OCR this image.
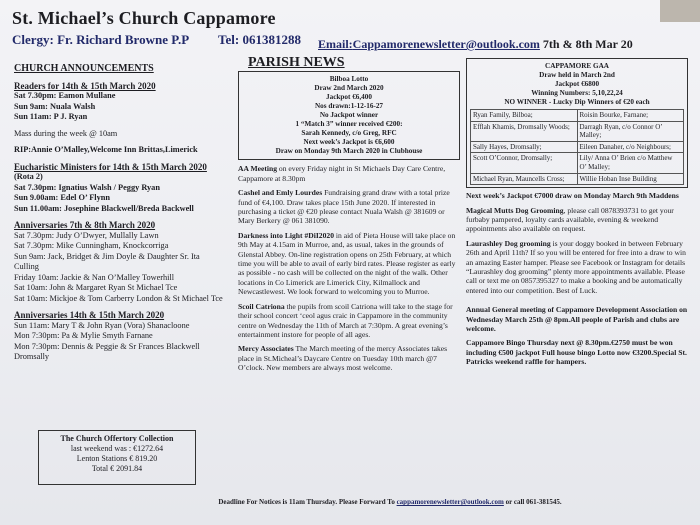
St. Michael’s Church Cappamore
Clergy: Fr. Richard Browne P.P Tel: 061381288 Email:Cappamorenewsletter@outlook.com 7th & 8th Mar 20

CHURCH ANNOUNCEMENTS

Readers for 14th & 15th March 2020

Sat 7.30pm: Eamon Mullane

Sun 9am: Nuala Walsh

Sun 11am: P J. Ryan

Mass during the week @ 10am

RIP:Annie O’Malley,Welcome Inn Brittas,Limerick

Eucharistic Ministers for 14th & 15th March 2020

(Rota 2)

Sat 7.30pm: Ignatius Walsh / Peggy Ryan

Sun 9.00am: Edel O’ Flynn

Sun 11.00am: Josephine Blackwell/Breda Backwell

Anniversaries 7th & 8th March 2020

Sat 7.30pm: Judy O’Dwyer, Mullally Lawn

Sat 7.30pm: Mike Cunningham, Knockcorriga

Sun 9am: Jack, Bridget & Jim Doyle & Daughter Sr. Ita Culling

Friday 10am: Jackie & Nan O’Malley Towerhill

Sat 10am: John & Margaret Ryan St Michael Tce

Sat 10am: Mickjoe & Tom Carberry London & St Michael Tce

Anniversaries 14th & 15th March 2020

Sun 11am: Mary T & John Ryan (Vora) Shanacloone

Mon 7:30pm: Pa & Mylie Smyth Farnane

Mon 7:30pm: Dennis & Peggie & Sr Frances Blackwell Dromsally

The Church Offertory Collection
last weekend was : €1272.64
Lenton Stations € 819.20
Total € 2091.84
PARISH NEWS
Bilboa Lotto
Draw 2nd March 2020
Jackpot €6,400
Nos drawn:1-12-16-27
No Jackpot winner
1 “Match 3” winner received €200:
Sarah Kennedy, c/o Greg, RFC
Next week’s Jackpot is €6,600
Draw on Monday 9th March 2020 in Clubhouse

AA Meeting on every Friday night in St Michaels Day Care Centre, Cappamore at 8.30pm

Cashel and Emly Lourdes Fundraising grand draw with a total prize fund of €4,100. Draw takes place 15th June 2020. If interested in purchasing a ticket @ €20 please contact Nuala Walsh @ 381609 or Mary Berkery @ 061 381090.

Darkness into Light #DiI2020 in aid of Pieta House will take place on 9th May at 4.15am in Murroe, and, as usual, takes in the grounds of Glenstal Abbey. On-line registration opens on 25th February, at which time you will be able to avail of early bird rates. Please register as early as possible - no cash will be collected on the night of the walk. Other locations in Co Limerick are Limerick City, Kilmallock and Newcastlewest. We look forward to welcoming you to Murroe.

Scoil Catriona the pupils from scoil Catriona will take to the stage for their school concert ‘ceol agus craic in Cappamore in the community centre on Wednesday the 11th of March at 7:30pm. A great evening’s entertainment instore for people of all ages.

Mercy Associates The March meeting of the mercy Associates takes place in St.Micheal’s Daycare Centre on Tuesday 10th march @7 O’clock. New members are always most welcome.

CAPPAMORE GAA
Draw held in March 2nd
Jackpot €6800
Winning Numbers: 5,10,22,24
NO WINNER - Lucky Dip Winners of €20 each
Ryan Family, Bilboa;	Roisin Bourke, Farnane;
Efflah Khamis, Dromsally Woods;	Darragh Ryan, c/o Connor O’ Malley;
Sally Hayes, Dromsally;	Eileen Danaher, c/o Neighbours;
Scott O’Connor, Dromsally;	Lily/ Anna O’ Brien c/o Matthew O’ Malley;
Michael Ryan, Mauncells Cross;	Willie Hoban Inse Building

Next week’s Jackpot €7000 draw on Monday March 9th Maddens

Magical Mutts Dog Grooming, please call 0878393731 to get your furbaby pampered, loyalty cards available, evening & weekend appointments also available on request.

Laurashley Dog grooming is your doggy booked in between February 26th and April 11th? If so you will be entered for free into a draw to win an amazing Easter hamper. Please see Facebook or Instagram for details “Laurashley dog grooming” plenty more appointments available. Please call or text me on 0857395327 to make a booking and be automatically entered into our competition. Best of Luck.

Annual General meeting of Cappamore Development Association on Wednesday March 25th @ 8pm.All people of Parish and clubs are welcome.

Cappamore Bingo Thursday next @ 8.30pm.€2750 must be won including €500 jackpot Full house bingo Lotto now €3200.Special St. Patricks weekend raffle for hampers.

Deadline For Notices is 11am Thursday. Please Forward To cappamorenewsletter@outlook.com or call 061-381545.
